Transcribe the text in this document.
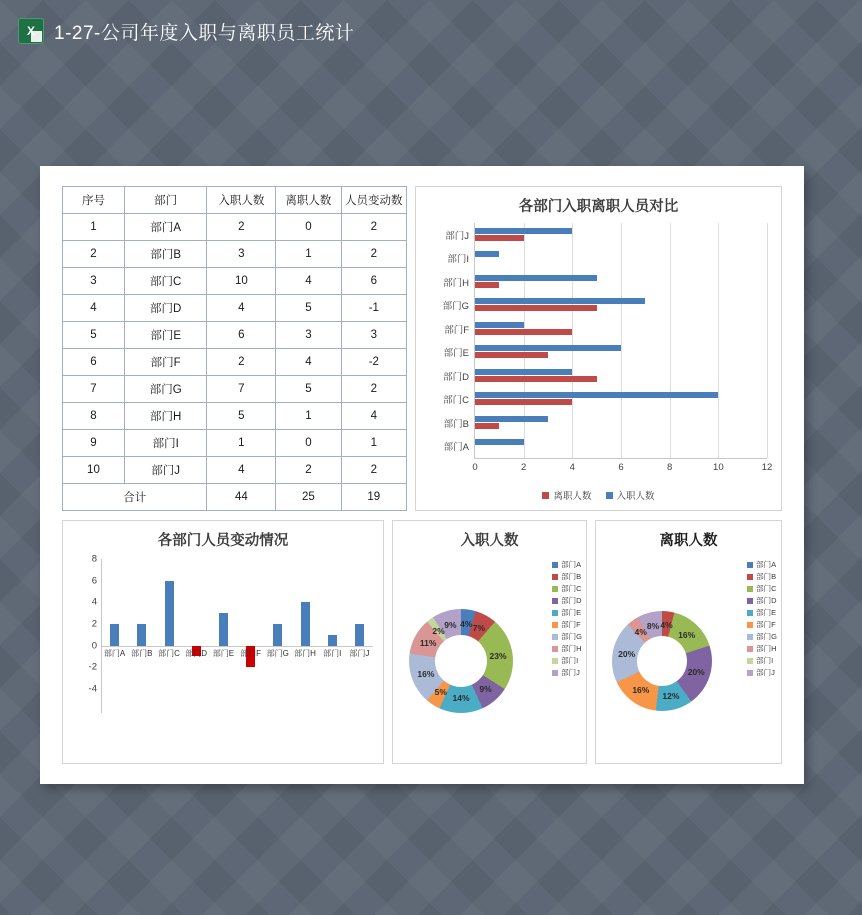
X 1-27-公司年度入职与离职员工统计
序号	部门	入职人数	离职人数	人员变动数
1	部门A	2	0	2
2	部门B	3	1	2
3	部门C	10	4	6
4	部门D	4	5	-1
5	部门E	6	3	3
6	部门F	2	4	-2
7	部门G	7	5	2
8	部门H	5	1	4
9	部门I	1	0	1
10	部门J	4	2	2
合计		44	25	19
各部门入职离职人员对比
0	2	4	6	8	10	12
部门A
部门B
部门C
部门D
部门E
部门F
部门G
部门H
部门I
部门J
离职人数	入职人数
各部门人员变动情况
8
6
4
2
0
-2
-4
部门A 部门B 部门C 部门D 部门E 部门F 部门G 部门H 部门I 部门J
入职人数
部门A
部门B
部门C
部门D
部门E
部门F
部门G
部门H
部门I
部门J
4% 7%
23%
9%
14%
5%
16%
11%
2%
9%
离职人数
部门A
部门B
部门C
部门D
部门E
部门F
部门G
部门H
部门I
部门J
4%
16%
20%
12%
16%
20%
4%
8%
